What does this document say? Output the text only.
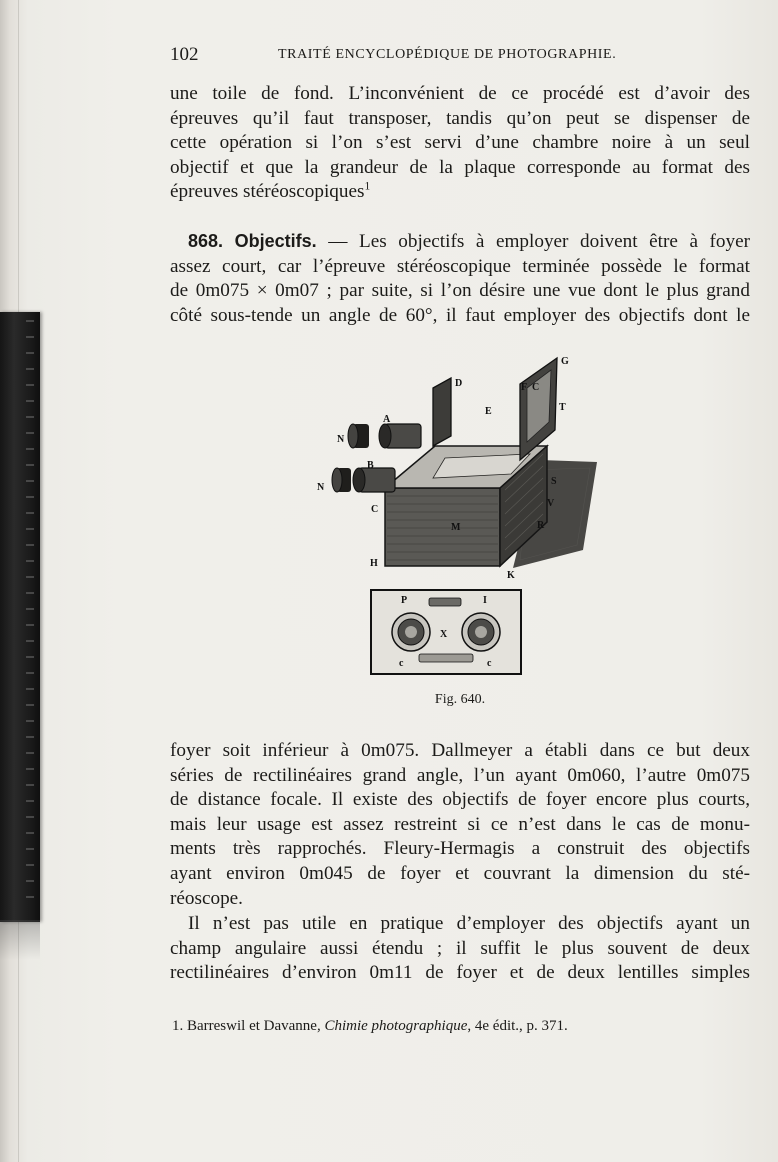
102	TRAITÉ ENCYCLOPÉDIQUE DE PHOTOGRAPHIE.

une toile de fond. L’inconvénient de ce procédé est d’avoir des
épreuves qu’il faut transposer, tandis qu’on peut se dispenser de
cette opération si l’on s’est servi d’une chambre noire à un seul
objectif et que la grandeur de la plaque corresponde au format des
épreuves stéréoscopiques$^1$

868. Objectifs. — Les objectifs à employer doivent être à foyer
assez court, car l’épreuve stéréoscopique terminée possède le format
de 0m075 × 0m07 ; par suite, si l’on désire une vue dont le plus grand
côté sous-tende un angle de 60°, il faut employer des objectifs dont le

G
D	F C
E	T
A
N
B
N
C
S
V
R
M
H
K
P	I
X
c	c
Fig. 640.

foyer soit inférieur à 0m075. Dallmeyer a établi dans ce but deux
séries de rectilinéaires grand angle, l’un ayant 0m060, l’autre 0m075
de distance focale. Il existe des objectifs de foyer encore plus courts,
mais leur usage est assez restreint si ce n’est dans le cas de monu-
ments très rapprochés. Fleury-Hermagis a construit des objectifs
ayant environ 0m045 de foyer et couvrant la dimension du sté-
réoscope.

Il n’est pas utile en pratique d’employer des objectifs ayant un
champ angulaire aussi étendu ; il suffit le plus souvent de deux
rectilinéaires d’environ 0m11 de foyer et de deux lentilles simples

1. Barreswil et Davanne, Chimie photographique, 4e édit., p. 371.
